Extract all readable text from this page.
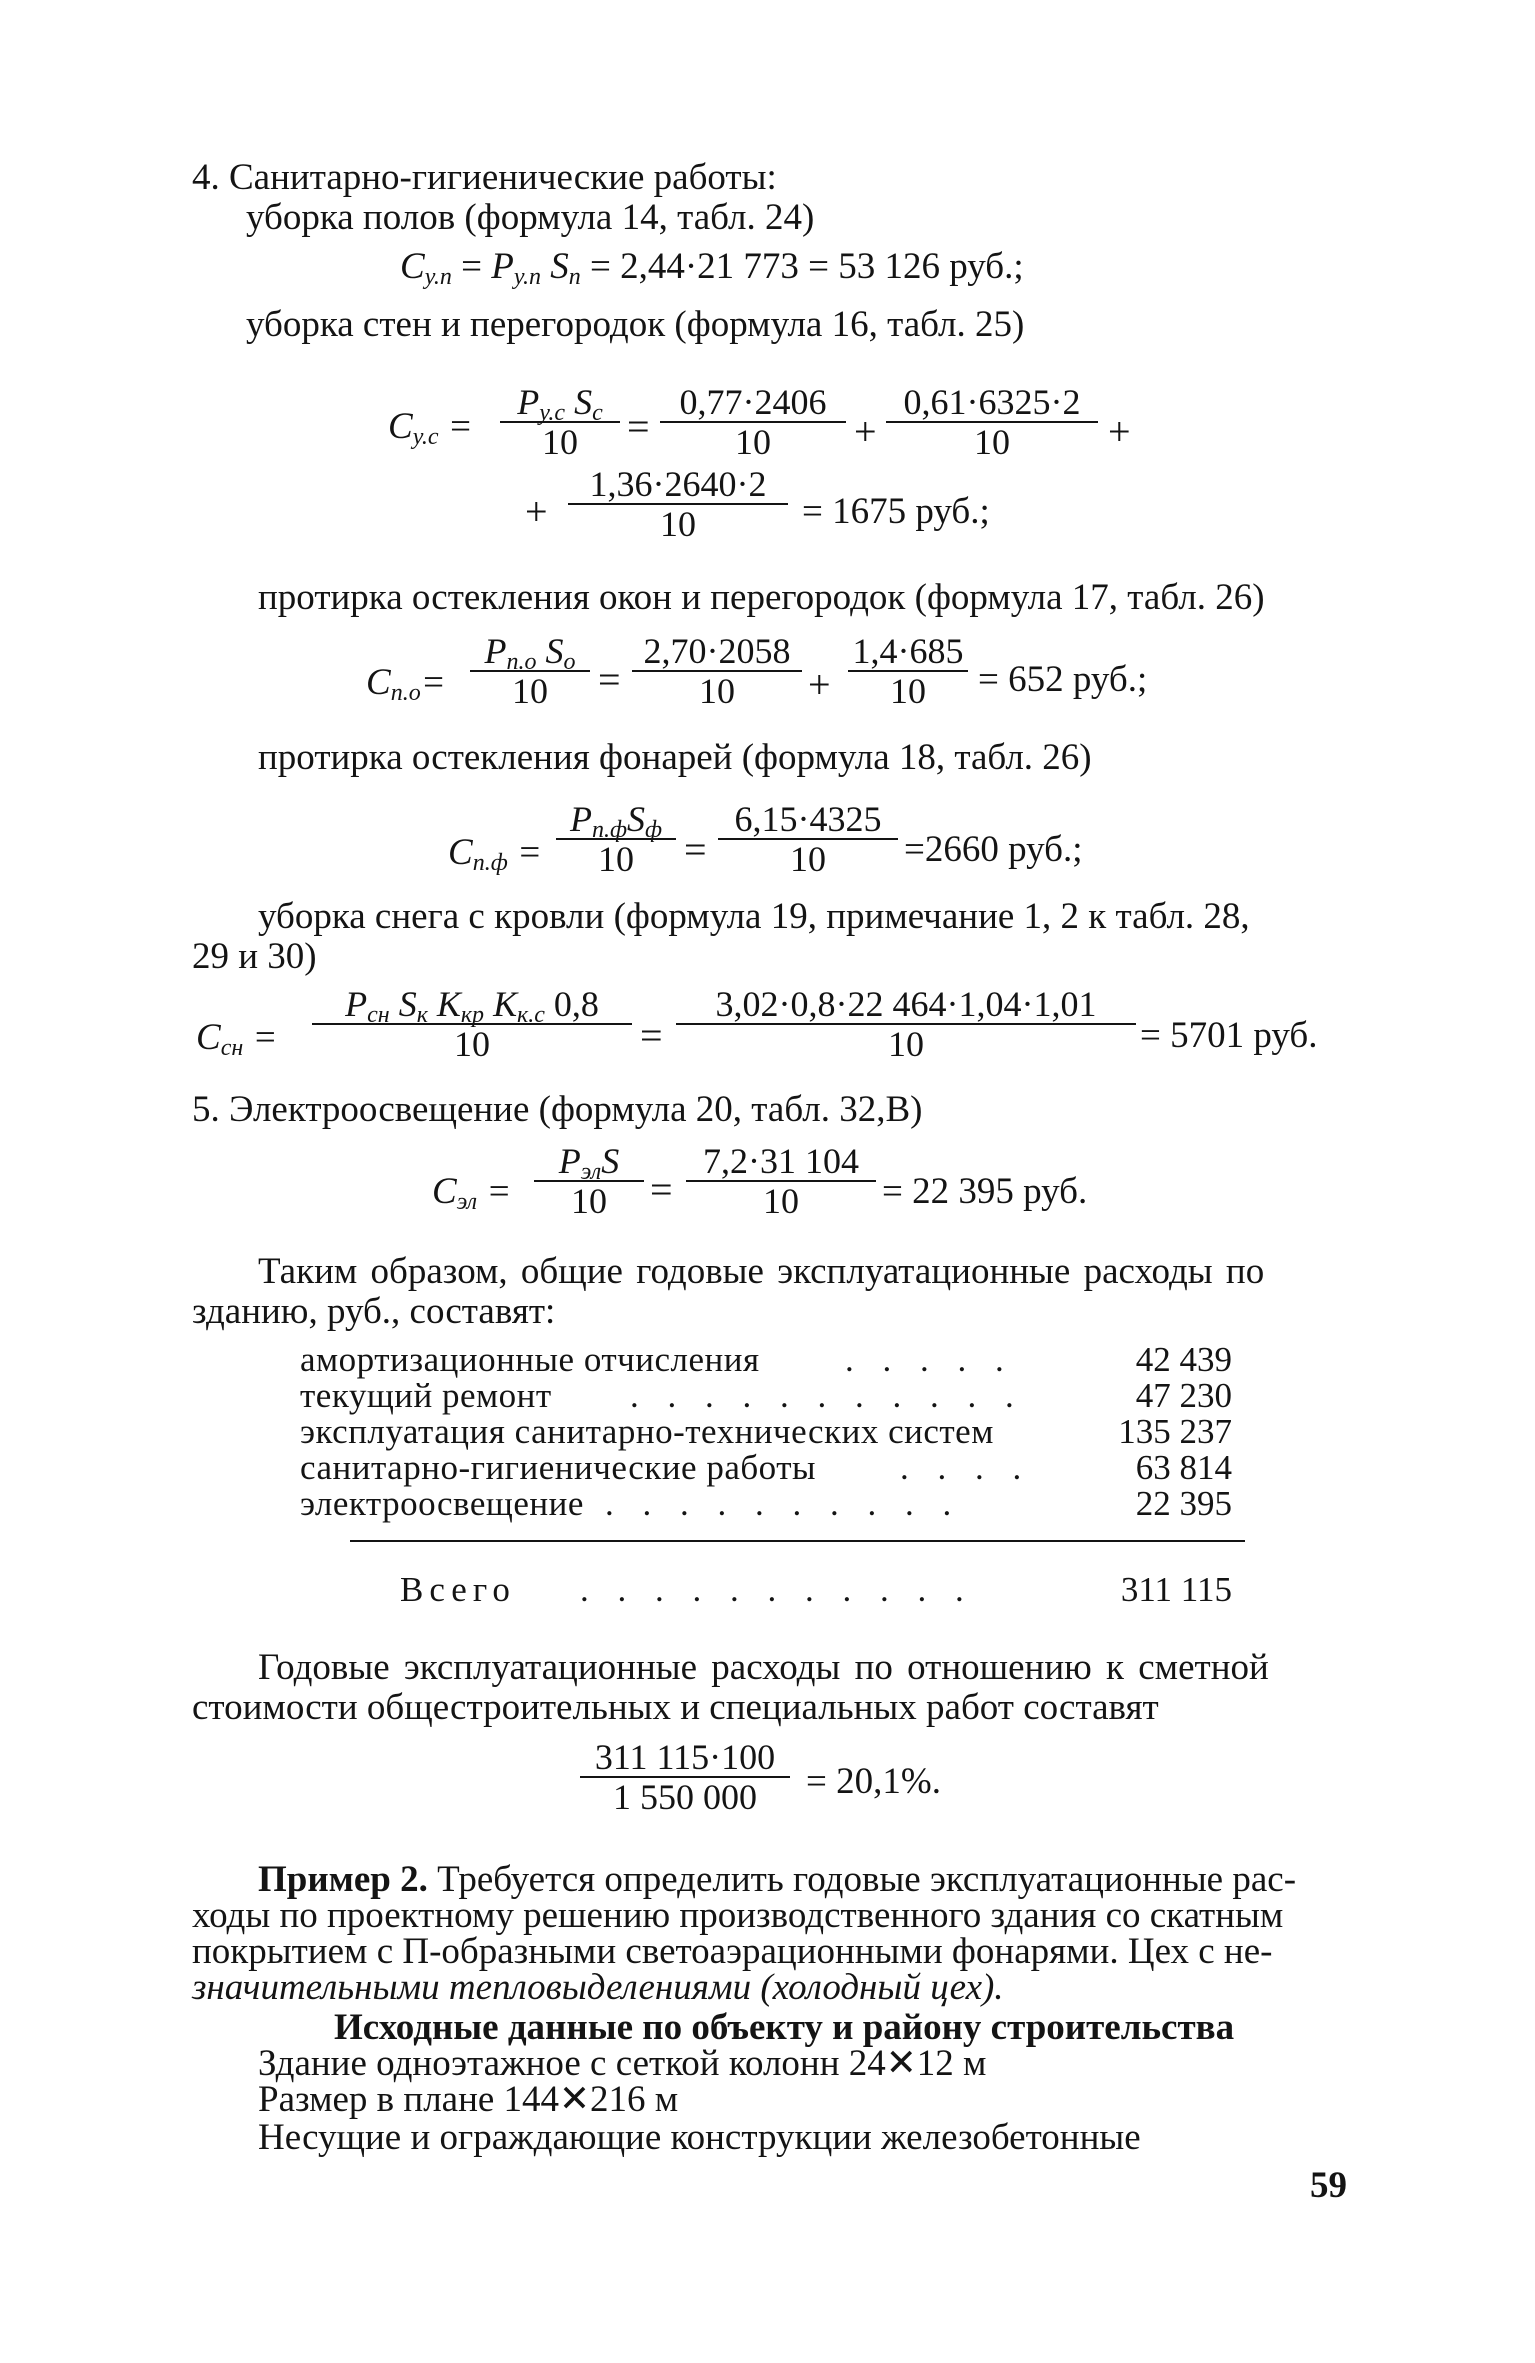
4. Санитарно-гигиенические работы:
уборка полов (формула 14, табл. 24)
$С_{у.п} = Р_{у.п}$ $S_п = 2,44\cdot 21$ 773 = 53 126 руб.;
уборка стен и перегородок (формула 16, табл. 25)
$С_{у.с}$ =
$Р_{у.с}$ $S_с$
10	= $\frac{0,77\cdot 2406}{10} + \frac{0,61\cdot 6325\cdot 2}{10}$ +
+ $\frac{1,36\cdot 2640\cdot 2}{10} = 1675$ руб.;
протирка остекления окон и перегородок (формула 17, табл. 26)
$С_{п.о}=$
$Р_{п.о}$ $S_о$
10	= $\frac{2,70\cdot 2058}{10} + \frac{1,4\cdot 685}{10} = 652$ руб.;
протирка остекления фонарей (формула 18, табл. 26)
$С_{п.ф}$ =
$Р_{п.ф}S_ф$
10	= $\frac{6,15\cdot 4325}{10} =2660$ руб.;
уборка снега с кровли (формула 19, примечание 1, 2 к табл. 28,
29 и 30)
$С_{сн}$ =
$Р_{сн}$ $S_к$ $К_{кр}$ $К_{к.с}$ 0,8
10	= $\frac{3,02\cdot 0,8\cdot 22 464\cdot 1,04\cdot 1,01}{10} = 5701$ руб.
5. Электроосвещение (формула 20, табл. 32,В)
$С_{эл}$ =
$Р_{эл}S$
10	= $\frac{7,2\cdot 31 104}{10} = 22$ 395 руб.
Таким образом, общие годовые эксплуатационные расходы по
зданию, руб., составят:
амортизационные отчисления . . . . .	42 439
текущий ремонт . . . . . . . . . . .	47 230
эксплуатация санитарно-технических систем	135 237
санитарно-гигиенические работы . . . .	63 814
электроосвещение . . . . . . . . . .	22 395
Всего . . . . . . . . . . .	311 115
Годовые эксплуатационные расходы по отношению к сметной
стоимости общестроительных и специальных работ составят
$\frac{311 115\cdot 100}{1 550 000} = 20,1\%$.
Пример 2. Требуется определить годовые эксплуатационные рас-
ходы по проектному решению производственного здания со скатным
покрытием с П-образными светоаэрационными фонарями. Цех с не-
значительными тепловыделениями (холодный цех).
Исходные данные по объекту и району строительства
Здание одноэтажное с сеткой колонн 24✕12 м
Размер в плане 144✕216 м
Несущие и ограждающие конструкции железобетонные
59
